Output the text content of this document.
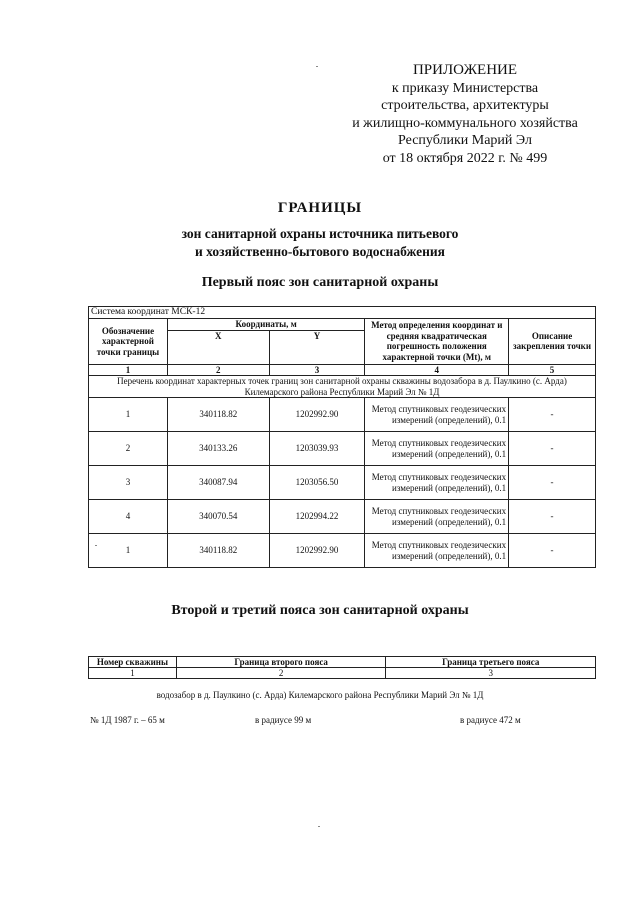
ПРИЛОЖЕНИЕ
к приказу Министерства
строительства, архитектуры
и жилищно-коммунального хозяйства
Республики Марий Эл
от 18 октября 2022 г. № 499
ГРАНИЦЫ
зон санитарной охраны источника питьевого
и хозяйственно-бытового водоснабжения
Первый пояс зон санитарной охраны
Система координат МСК-12				
Обозначение характерной точки границы	Координаты, м		Метод определения координат и средняя квадратическая погрешность положения характерной точки (Mt), м	Описание закрепления точки
	X	Y		
1	2	3	4	5
Перечень координат характерных точек границ зон санитарной охраны скважины водозабора в д. Паулкино (с. Арда) Килемарского района Республики Марий Эл № 1Д				
1	340118.82	1202992.90	Метод спутниковых геодезических измерений (определений), 0.1	-
2	340133.26	1203039.93	Метод спутниковых геодезических измерений (определений), 0.1	-
3	340087.94	1203056.50	Метод спутниковых геодезических измерений (определений), 0.1	-
4	340070.54	1202994.22	Метод спутниковых геодезических измерений (определений), 0.1	-
1	340118.82	1202992.90	Метод спутниковых геодезических измерений (определений), 0.1	-
Второй и третий пояса зон санитарной охраны
Номер скважины	Граница второго пояса	Граница третьего пояса
1	2	3
водозабор в д. Паулкино (с. Арда) Килемарского района Республики Марий Эл № 1Д
№ 1Д 1987 г. – 65 м	в радиусе 99 м	в радиусе 472 м
